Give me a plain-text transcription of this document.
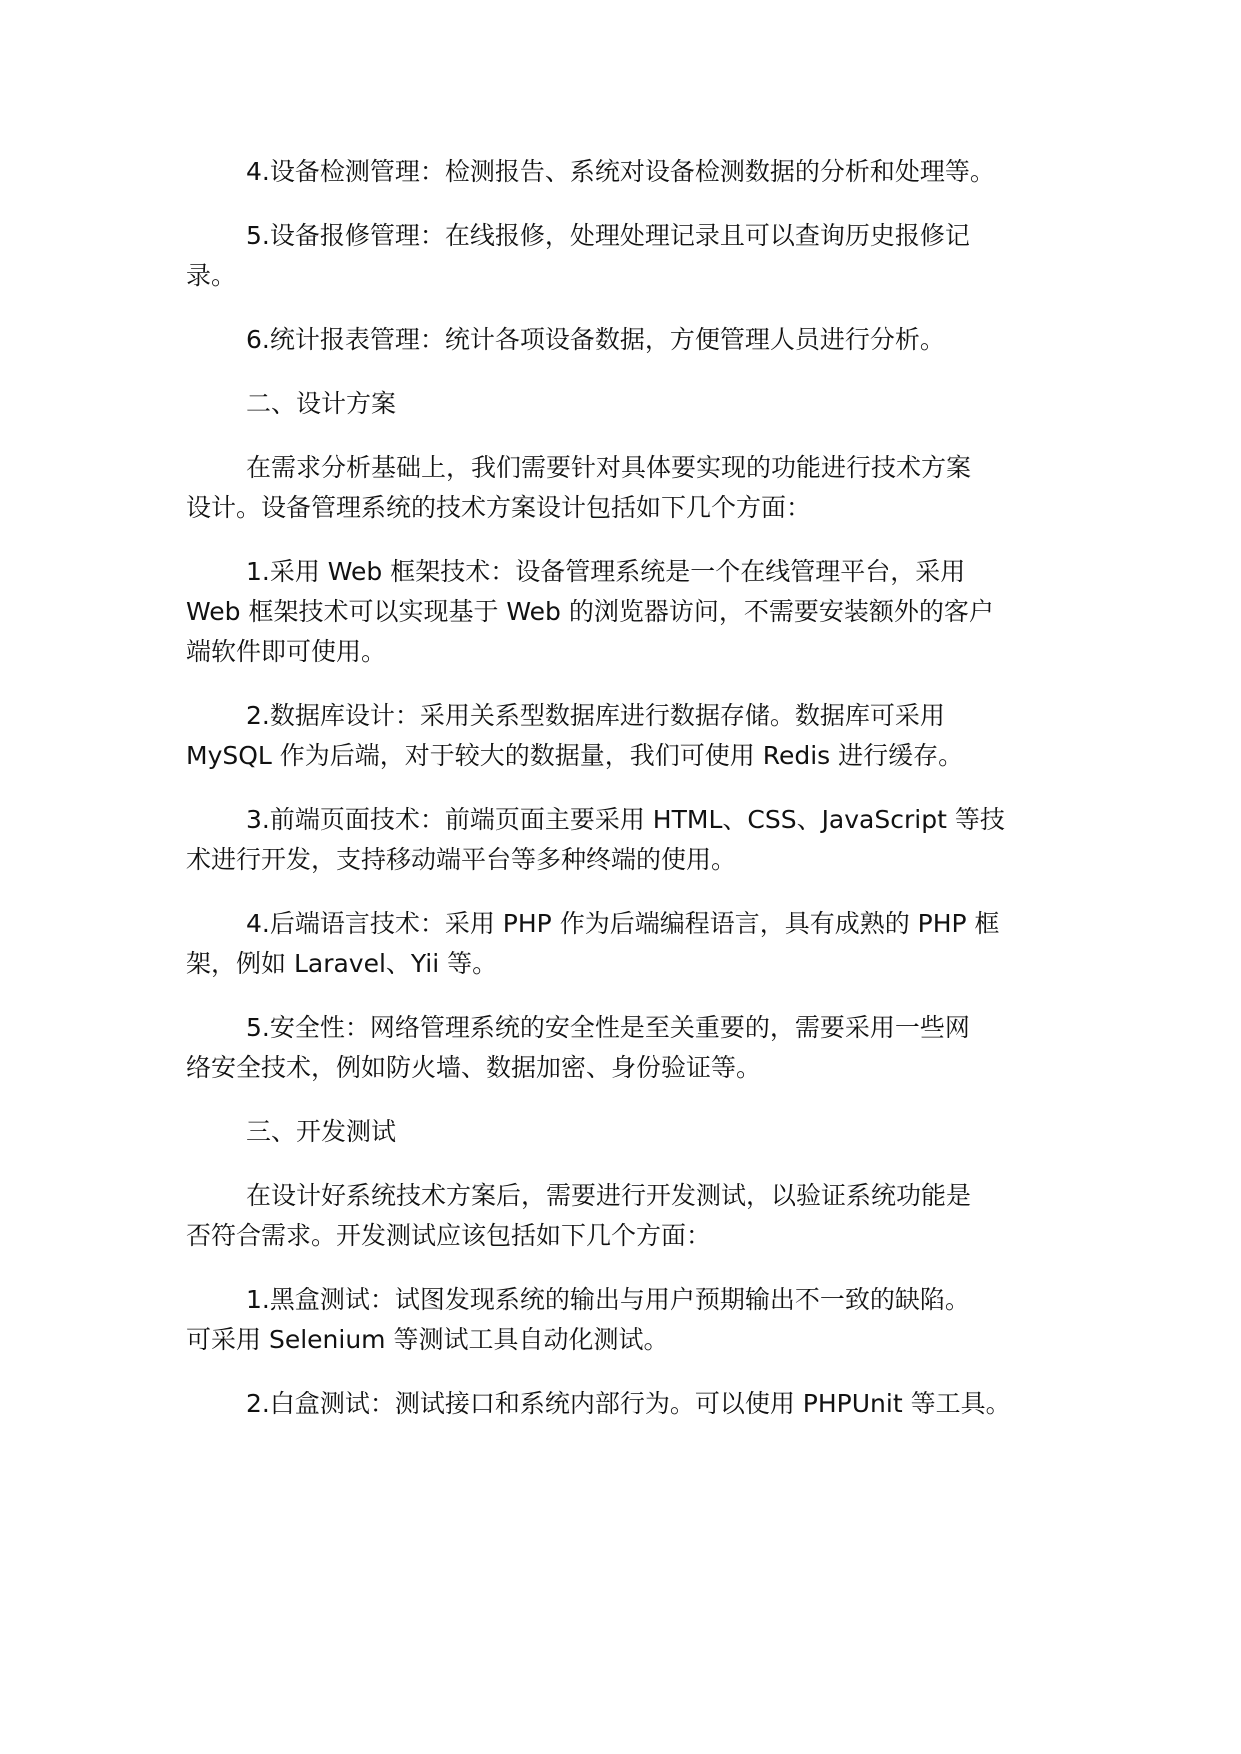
4.设备检测管理：检测报告、系统对设备检测数据的分析和处理等。
5.设备报修管理：在线报修，处理处理记录且可以查询历史报修记
录。
6.统计报表管理：统计各项设备数据，方便管理人员进行分析。
二、设计方案
在需求分析基础上，我们需要针对具体要实现的功能进行技术方案
设计。设备管理系统的技术方案设计包括如下几个方面：
1.采用 Web 框架技术：设备管理系统是一个在线管理平台，采用
Web 框架技术可以实现基于 Web 的浏览器访问，不需要安装额外的客户
端软件即可使用。
2.数据库设计：采用关系型数据库进行数据存储。数据库可采用
MySQL 作为后端，对于较大的数据量，我们可使用 Redis 进行缓存。
3.前端页面技术：前端页面主要采用 HTML、CSS、JavaScript 等技
术进行开发，支持移动端平台等多种终端的使用。
4.后端语言技术：采用 PHP 作为后端编程语言，具有成熟的 PHP 框
架，例如 Laravel、Yii 等。
5.安全性：网络管理系统的安全性是至关重要的，需要采用一些网
络安全技术，例如防火墙、数据加密、身份验证等。
三、开发测试
在设计好系统技术方案后，需要进行开发测试，以验证系统功能是
否符合需求。开发测试应该包括如下几个方面：
1.黑盒测试：试图发现系统的输出与用户预期输出不一致的缺陷。
可采用 Selenium 等测试工具自动化测试。
2.白盒测试：测试接口和系统内部行为。可以使用 PHPUnit 等工具。
